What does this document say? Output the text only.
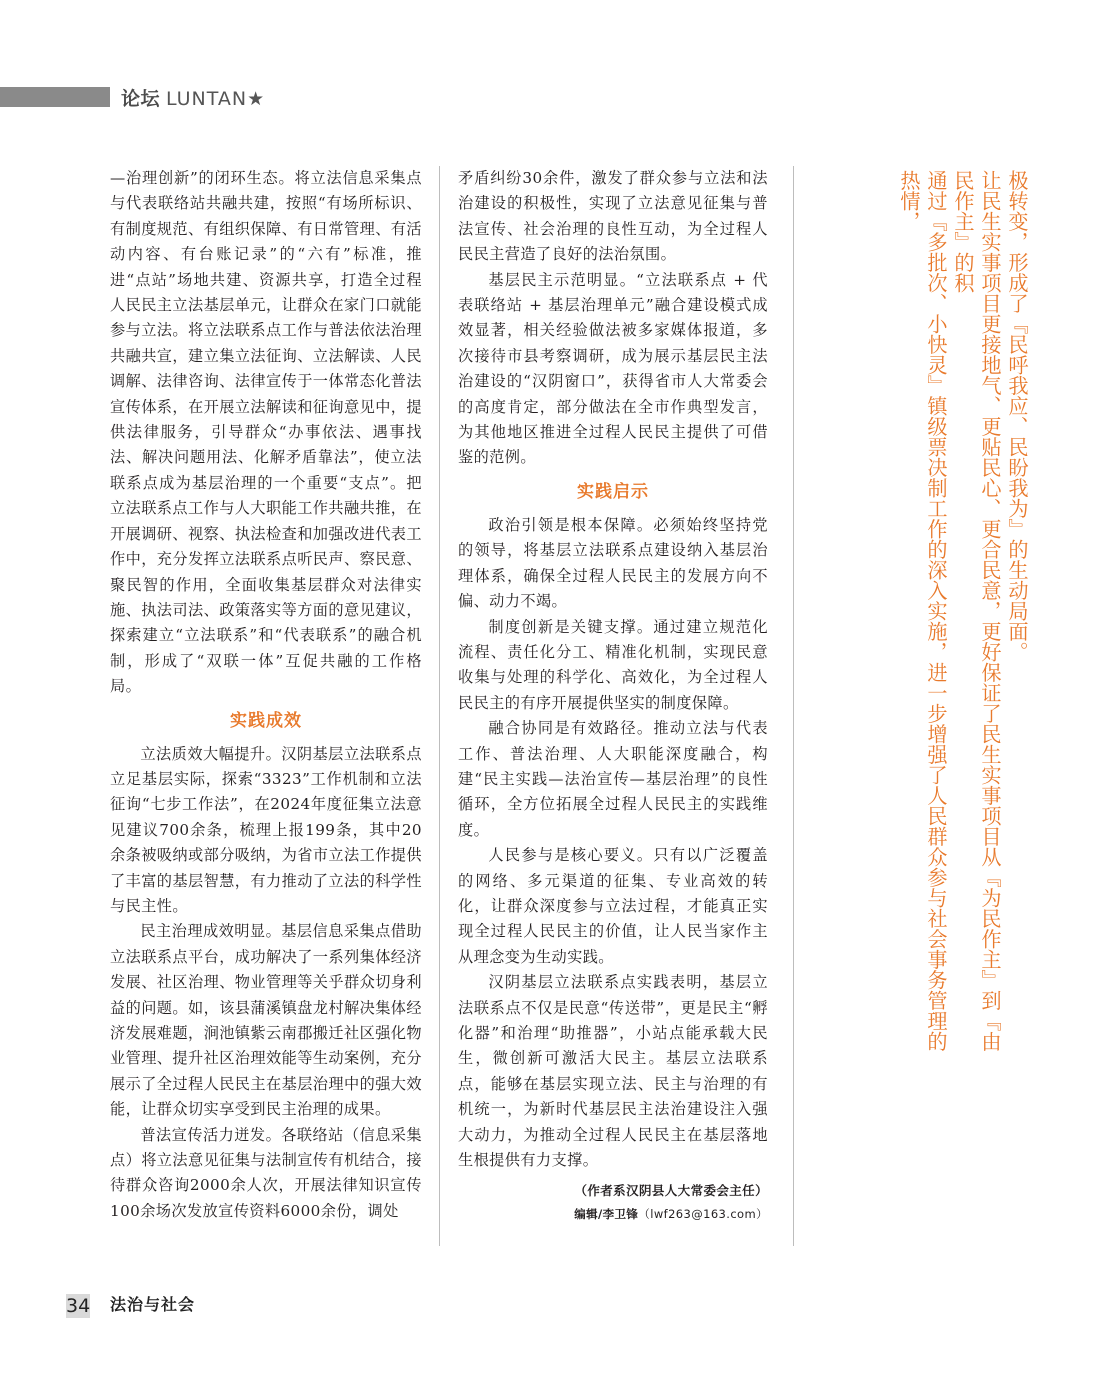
论坛 LUNTAN★

—治理创新”的闭环生态。将立法信息采集点与代表联络站共融共建，按照“有场所标识、有制度规范、有组织保障、有日常管理、有活动内容、有台账记录”的“六有”标准，推进“点站”场地共建、资源共享，打造全过程人民民主立法基层单元，让群众在家门口就能参与立法。将立法联系点工作与普法依法治理共融共宣，建立集立法征询、立法解读、人民调解、法律咨询、法律宣传于一体常态化普法宣传体系，在开展立法解读和征询意见中，提供法律服务，引导群众“办事依法、遇事找法、解决问题用法、化解矛盾靠法”，使立法联系点成为基层治理的一个重要“支点”。把立法联系点工作与人大职能工作共融共推，在开展调研、视察、执法检查和加强改进代表工作中，充分发挥立法联系点听民声、察民意、聚民智的作用，全面收集基层群众对法律实施、执法司法、政策落实等方面的意见建议，探索建立“立法联系”和“代表联系”的融合机制，形成了“双联一体”互促共融的工作格局。

实践成效

立法质效大幅提升。汉阴基层立法联系点立足基层实际，探索“3323”工作机制和立法征询“七步工作法”，在2024年度征集立法意见建议700余条，梳理上报199条，其中20余条被吸纳或部分吸纳，为省市立法工作提供了丰富的基层智慧，有力推动了立法的科学性与民主性。

民主治理成效明显。基层信息采集点借助立法联系点平台，成功解决了一系列集体经济发展、社区治理、物业管理等关乎群众切身利益的问题。如，该县蒲溪镇盘龙村解决集体经济发展难题，涧池镇紫云南郡搬迁社区强化物业管理、提升社区治理效能等生动案例，充分展示了全过程人民民主在基层治理中的强大效能，让群众切实享受到民主治理的成果。

普法宣传活力迸发。各联络站（信息采集点）将立法意见征集与法制宣传有机结合，接待群众咨询2000余人次，开展法律知识宣传100余场次发放宣传资料6000余份，调处

矛盾纠纷30余件，激发了群众参与立法和法治建设的积极性，实现了立法意见征集与普法宣传、社会治理的良性互动，为全过程人民民主营造了良好的法治氛围。

基层民主示范明显。“立法联系点 + 代表联络站 + 基层治理单元”融合建设模式成效显著，相关经验做法被多家媒体报道，多次接待市县考察调研，成为展示基层民主法治建设的“汉阴窗口”，获得省市人大常委会的高度肯定，部分做法在全市作典型发言，为其他地区推进全过程人民民主提供了可借鉴的范例。

实践启示

政治引领是根本保障。必须始终坚持党的领导，将基层立法联系点建设纳入基层治理体系，确保全过程人民民主的发展方向不偏、动力不竭。

制度创新是关键支撑。通过建立规范化流程、责任化分工、精准化机制，实现民意收集与处理的科学化、高效化，为全过程人民民主的有序开展提供坚实的制度保障。

融合协同是有效路径。推动立法与代表工作、普法治理、人大职能深度融合，构建“民主实践—法治宣传—基层治理”的良性循环，全方位拓展全过程人民民主的实践维度。

人民参与是核心要义。只有以广泛覆盖的网络、多元渠道的征集、专业高效的转化，让群众深度参与立法过程，才能真正实现全过程人民民主的价值，让人民当家作主从理念变为生动实践。

汉阴基层立法联系点实践表明，基层立法联系点不仅是民意“传送带”，更是民主“孵化器”和治理“助推器”，小站点能承载大民生，微创新可激活大民主。基层立法联系点，能够在基层实现立法、民主与治理的有机统一，为新时代基层民主法治建设注入强大动力，为推动全过程人民民主在基层落地生根提供有力支撑。

（作者系汉阴县人大常委会主任）
编辑/李卫锋（lwf263@163.com）
极转变，形成了『民呼我应、民盼我为』的生动局面。
让民生实事项目更接地气、更贴民心、更合民意，更好保证了民生实事项目从『为民作主』到『由民作主』的积
通过『多批次、小快灵』镇级票决制工作的深入实施，进一步增强了人民群众参与社会事务管理的热情，
34 法治与社会
